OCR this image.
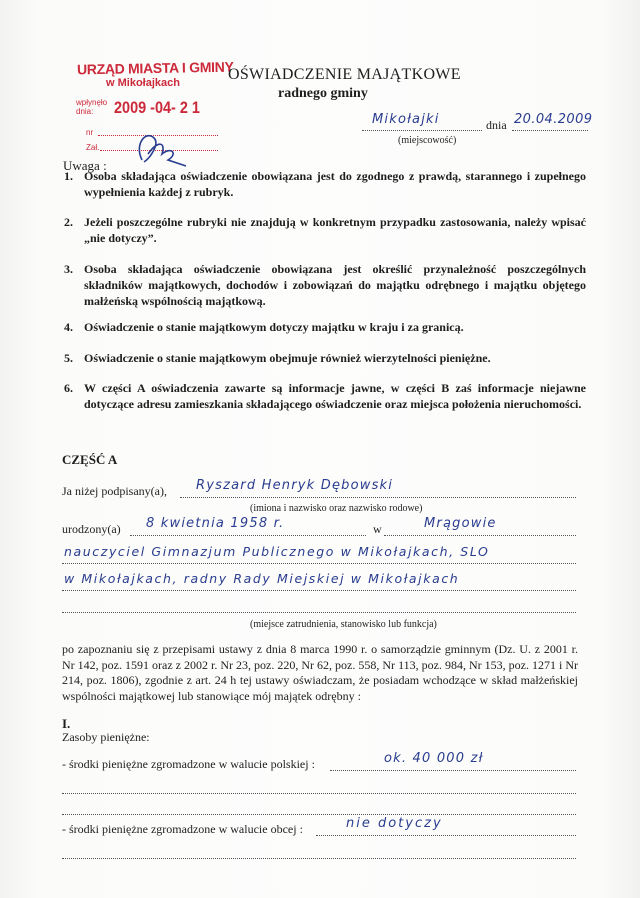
URZĄD MIASTA I GMINY
w Mikołajkach
wpłynęło
dnia:	2009 -04- 2 1
nr
Zał.
OŚWIADCZENIE MAJĄTKOWE
radnego gminy
Mikołajki	dnia 20.04.2009
(miejscowość)
Uwaga :
1. Osoba składająca oświadczenie obowiązana jest do zgodnego z prawdą, starannego i zupełnego wypełnienia każdej z rubryk.
2. Jeżeli poszczególne rubryki nie znajdują w konkretnym przypadku zastosowania, należy wpisać „nie dotyczy”.
3. Osoba składająca oświadczenie obowiązana jest określić przynależność poszczególnych składników majątkowych, dochodów i zobowiązań do majątku odrębnego i majątku objętego małżeńską wspólnością majątkową.
4. Oświadczenie o stanie majątkowym dotyczy majątku w kraju i za granicą.
5. Oświadczenie o stanie majątkowym obejmuje również wierzytelności pieniężne.
6. W części A oświadczenia zawarte są informacje jawne, w części B zaś informacje niejawne dotyczące adresu zamieszkania składającego oświadczenie oraz miejsca położenia nieruchomości.
CZĘŚĆ A
Ja niżej podpisany(a), Ryszard Henryk Dębowski
(imiona i nazwisko oraz nazwisko rodowe)
urodzony(a) 8 kwietnia 1958 r.	w	Mrągowie
nauczyciel Gimnazjum Publicznego w Mikołajkach, SLO
w Mikołajkach, radny Rady Miejskiej w Mikołajkach
(miejsce zatrudnienia, stanowisko lub funkcja)
po zapoznaniu się z przepisami ustawy z dnia 8 marca 1990 r. o samorządzie gminnym (Dz. U. z 2001 r. Nr 142, poz. 1591 oraz z 2002 r. Nr 23, poz. 220, Nr 62, poz. 558, Nr 113, poz. 984, Nr 153, poz. 1271 i Nr 214, poz. 1806), zgodnie z art. 24 h tej ustawy oświadczam, że posiadam wchodzące w skład małżeńskiej wspólności majątkowej lub stanowiące mój majątek odrębny :
I.
Zasoby pieniężne:
- środki pieniężne zgromadzone w walucie polskiej :	ok. 40 000 zł
- środki pieniężne zgromadzone w walucie obcej :	nie dotyczy
